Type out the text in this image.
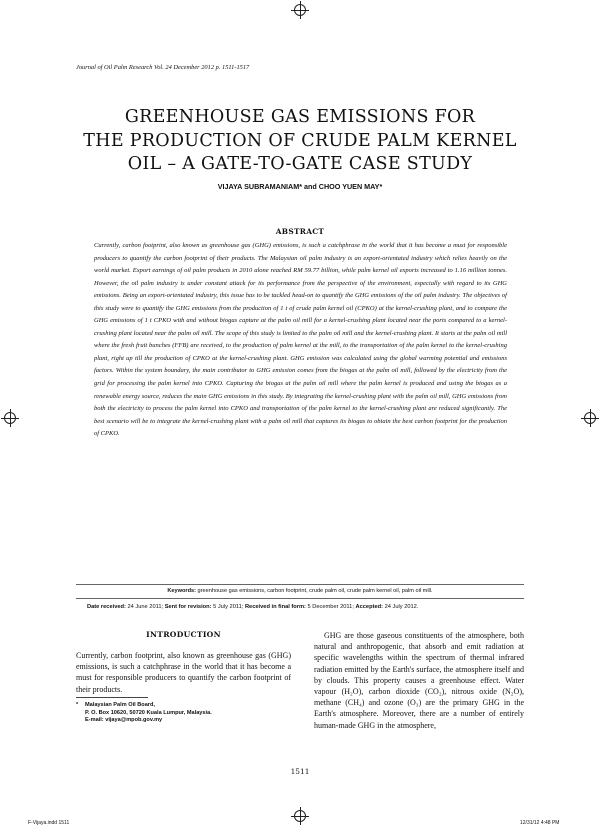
Journal of Oil Palm Research Vol. 24 December 2012 p. 1511-1517
GREENHOUSE GAS EMISSIONS FOR
THE PRODUCTION OF CRUDE PALM KERNEL
OIL – A GATE-TO-GATE CASE STUDY
VIJAYA SUBRAMANIAM* and CHOO YUEN MAY*
ABSTRACT

Currently, carbon footprint, also known as greenhouse gas (GHG) emissions, is such a catchphrase in the world that it has become a must for responsible producers to quantify the carbon footprint of their products. The Malaysian oil palm industry is an export-orientated industry which relies heavily on the world market. Export earnings of oil palm products in 2010 alone reached RM 59.77 billion, while palm kernel oil exports increased to 1.16 million tonnes. However, the oil palm industry is under constant attack for its performance from the perspective of the environment, especially with regard to its GHG emissions. Being an export-orientated industry, this issue has to be tackled head-on to quantify the GHG emissions of the oil palm industry. The objectives of this study were to quantify the GHG emissions from the production of 1 t of crude palm kernel oil (CPKO) at the kernel-crushing plant, and to compare the GHG emissions of 1 t CPKO with and without biogas capture at the palm oil mill for a kernel-crushing plant located near the ports compared to a kernel-crushing plant located near the palm oil mill. The scope of this study is limited to the palm oil mill and the kernel-crushing plant. It starts at the palm oil mill where the fresh fruit bunches (FFB) are received, to the production of palm kernel at the mill, to the transportation of the palm kernel to the kernel-crushing plant, right up till the production of CPKO at the kernel-crushing plant. GHG emission was calculated using the global warming potential and emissions factors. Within the system boundary, the main contributor to GHG emission comes from the biogas at the palm oil mill, followed by the electricity from the grid for processing the palm kernel into CPKO. Capturing the biogas at the palm oil mill where the palm kernel is produced and using the biogas as a renewable energy source, reduces the main GHG emissions in this study. By integrating the kernel-crushing plant with the palm oil mill, GHG emissions from both the electricity to process the palm kernel into CPKO and transportation of the palm kernel to the kernel-crushing plant are reduced significantly. The best scenario will be to integrate the kernel-crushing plant with a palm oil mill that captures its biogas to obtain the best carbon footprint for the production of CPKO.

Keywords: greenhouse gas emissions, carbon footprint, crude palm oil, crude palm kernel oil, palm oil mill.
Date received: 24 June 2011; Sent for revision: 5 July 2011; Received in final form: 5 December 2011; Accepted: 24 July 2012.
INTRODUCTION

Currently, carbon footprint, also known as greenhouse gas (GHG) emissions, is such a catchphrase in the world that it has become a must for responsible producers to quantify the carbon footprint of their products.

* Malaysian Palm Oil Board,
P. O. Box 10620, 50720 Kuala Lumpur, Malaysia.
E-mail: vijaya@mpob.gov.my

GHG are those gaseous constituents of the atmosphere, both natural and anthropogenic, that absorb and emit radiation at specific wavelengths within the spectrum of thermal infrared radiation emitted by the Earth's surface, the atmosphere itself and by clouds. This property causes a greenhouse effect. Water vapour (H₂O), carbon dioxide (CO₂), nitrous oxide (N₂O), methane (CH₄) and ozone (O₃) are the primary GHG in the Earth's atmosphere. Moreover, there are a number of entirely human-made GHG in the atmosphere,

1511
F-Vijaya.indd 1511	12/31/12 4:48 PM
